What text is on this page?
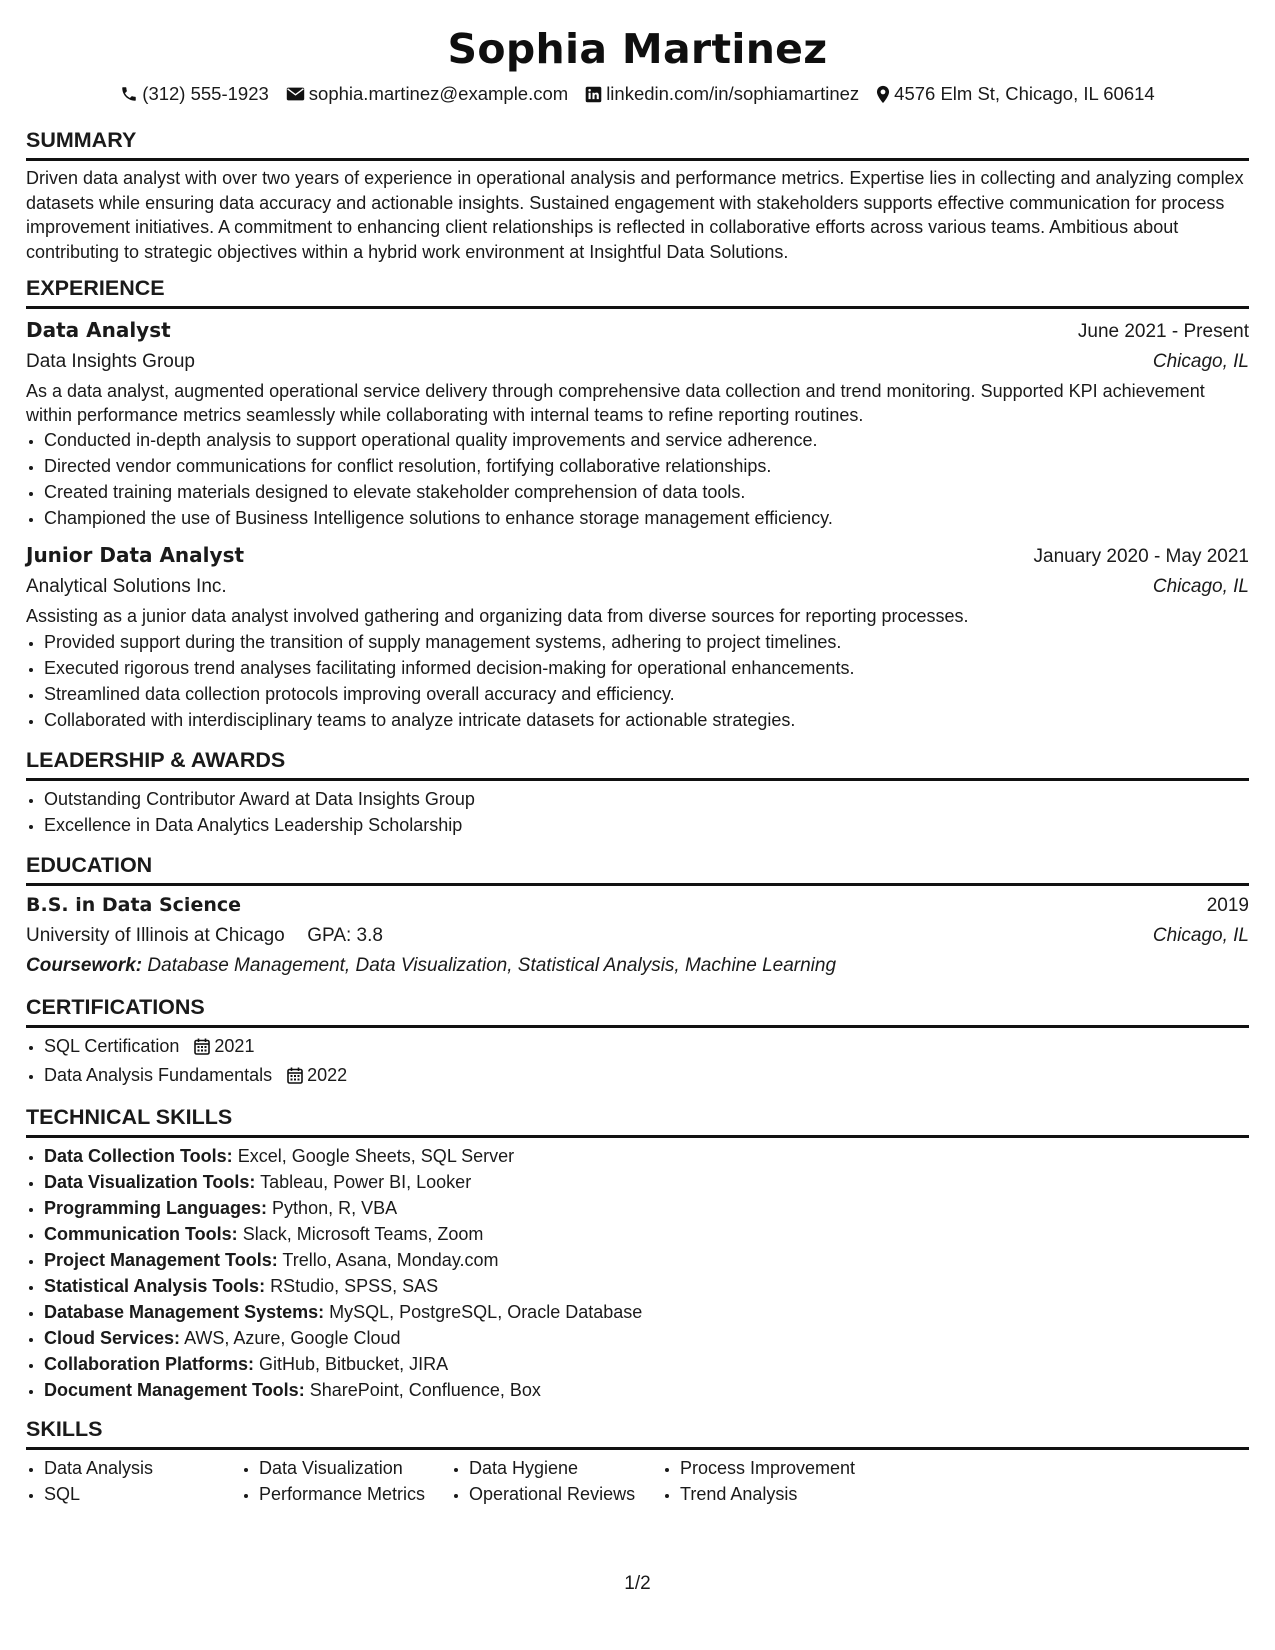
Sophia Martinez
(312) 555-1923 sophia.martinez@example.com linkedin.com/in/sophiamartinez 4576 Elm St, Chicago, IL 60614
SUMMARY
Driven data analyst with over two years of experience in operational analysis and performance metrics. Expertise lies in collecting and analyzing complex datasets while ensuring data accuracy and actionable insights. Sustained engagement with stakeholders supports effective communication for process improvement initiatives. A commitment to enhancing client relationships is reflected in collaborative efforts across various teams. Ambitious about contributing to strategic objectives within a hybrid work environment at Insightful Data Solutions.
EXPERIENCE
Data Analyst	June 2021 - Present
Data Insights Group	Chicago, IL
As a data analyst, augmented operational service delivery through comprehensive data collection and trend monitoring. Supported KPI achievement within performance metrics seamlessly while collaborating with internal teams to refine reporting routines.
• Conducted in-depth analysis to support operational quality improvements and service adherence.
• Directed vendor communications for conflict resolution, fortifying collaborative relationships.
• Created training materials designed to elevate stakeholder comprehension of data tools.
• Championed the use of Business Intelligence solutions to enhance storage management efficiency.
Junior Data Analyst	January 2020 - May 2021
Analytical Solutions Inc.	Chicago, IL
Assisting as a junior data analyst involved gathering and organizing data from diverse sources for reporting processes.
• Provided support during the transition of supply management systems, adhering to project timelines.
• Executed rigorous trend analyses facilitating informed decision-making for operational enhancements.
• Streamlined data collection protocols improving overall accuracy and efficiency.
• Collaborated with interdisciplinary teams to analyze intricate datasets for actionable strategies.
LEADERSHIP & AWARDS
• Outstanding Contributor Award at Data Insights Group
• Excellence in Data Analytics Leadership Scholarship
EDUCATION
B.S. in Data Science	2019
University of Illinois at Chicago GPA: 3.8	Chicago, IL
Coursework: Database Management, Data Visualization, Statistical Analysis, Machine Learning
CERTIFICATIONS
• SQL Certification 2021
• Data Analysis Fundamentals 2022
TECHNICAL SKILLS
• Data Collection Tools: Excel, Google Sheets, SQL Server
• Data Visualization Tools: Tableau, Power BI, Looker
• Programming Languages: Python, R, VBA
• Communication Tools: Slack, Microsoft Teams, Zoom
• Project Management Tools: Trello, Asana, Monday.com
• Statistical Analysis Tools: RStudio, SPSS, SAS
• Database Management Systems: MySQL, PostgreSQL, Oracle Database
• Cloud Services: AWS, Azure, Google Cloud
• Collaboration Platforms: GitHub, Bitbucket, JIRA
• Document Management Tools: SharePoint, Confluence, Box
SKILLS
• Data Analysis
• SQL
• Data Visualization
• Performance Metrics
• Data Hygiene
• Operational Reviews
• Process Improvement
• Trend Analysis
1/2
